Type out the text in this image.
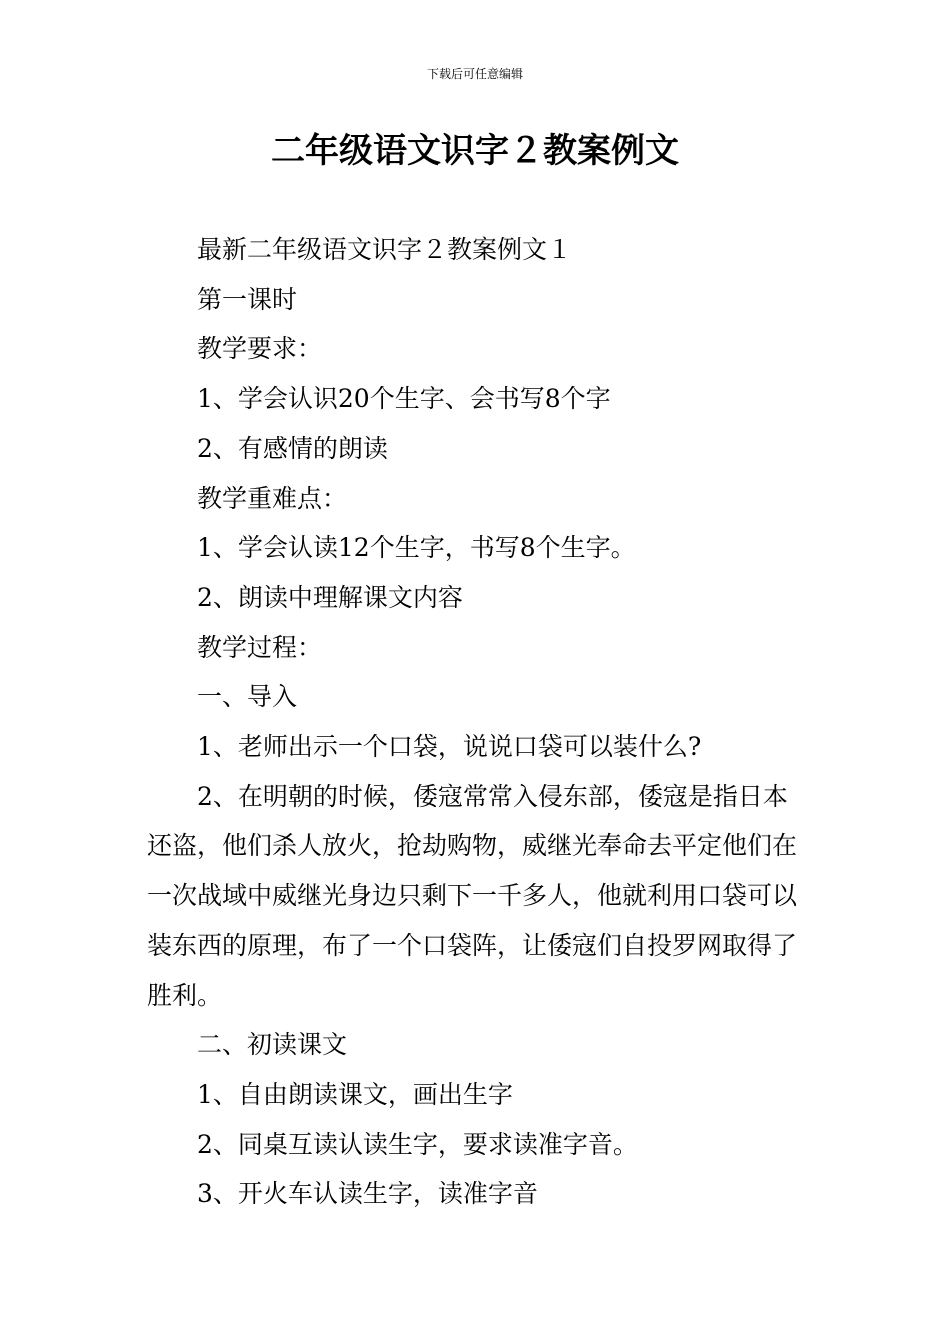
下载后可任意编辑
二年级语文识字２教案例文

最新二年级语文识字２教案例文１

第一课时

教学要求：

1、学会认识20个生字、会书写8个字

2、有感情的朗读

教学重难点：

1、学会认读12个生字，书写8个生字。

2、朗读中理解课文内容

教学过程：

一、导入

1、老师出示一个口袋，说说口袋可以装什么?

2、在明朝的时候，倭寇常常入侵东部，倭寇是指日本还盗，他们杀人放火，抢劫购物，威继光奉命去平定他们在一次战域中威继光身边只剩下一千多人，他就利用口袋可以装东西的原理，布了一个口袋阵，让倭寇们自投罗网取得了胜利。

二、初读课文

1、自由朗读课文，画出生字

2、同桌互读认读生字，要求读准字音。

3、开火车认读生字，读准字音
